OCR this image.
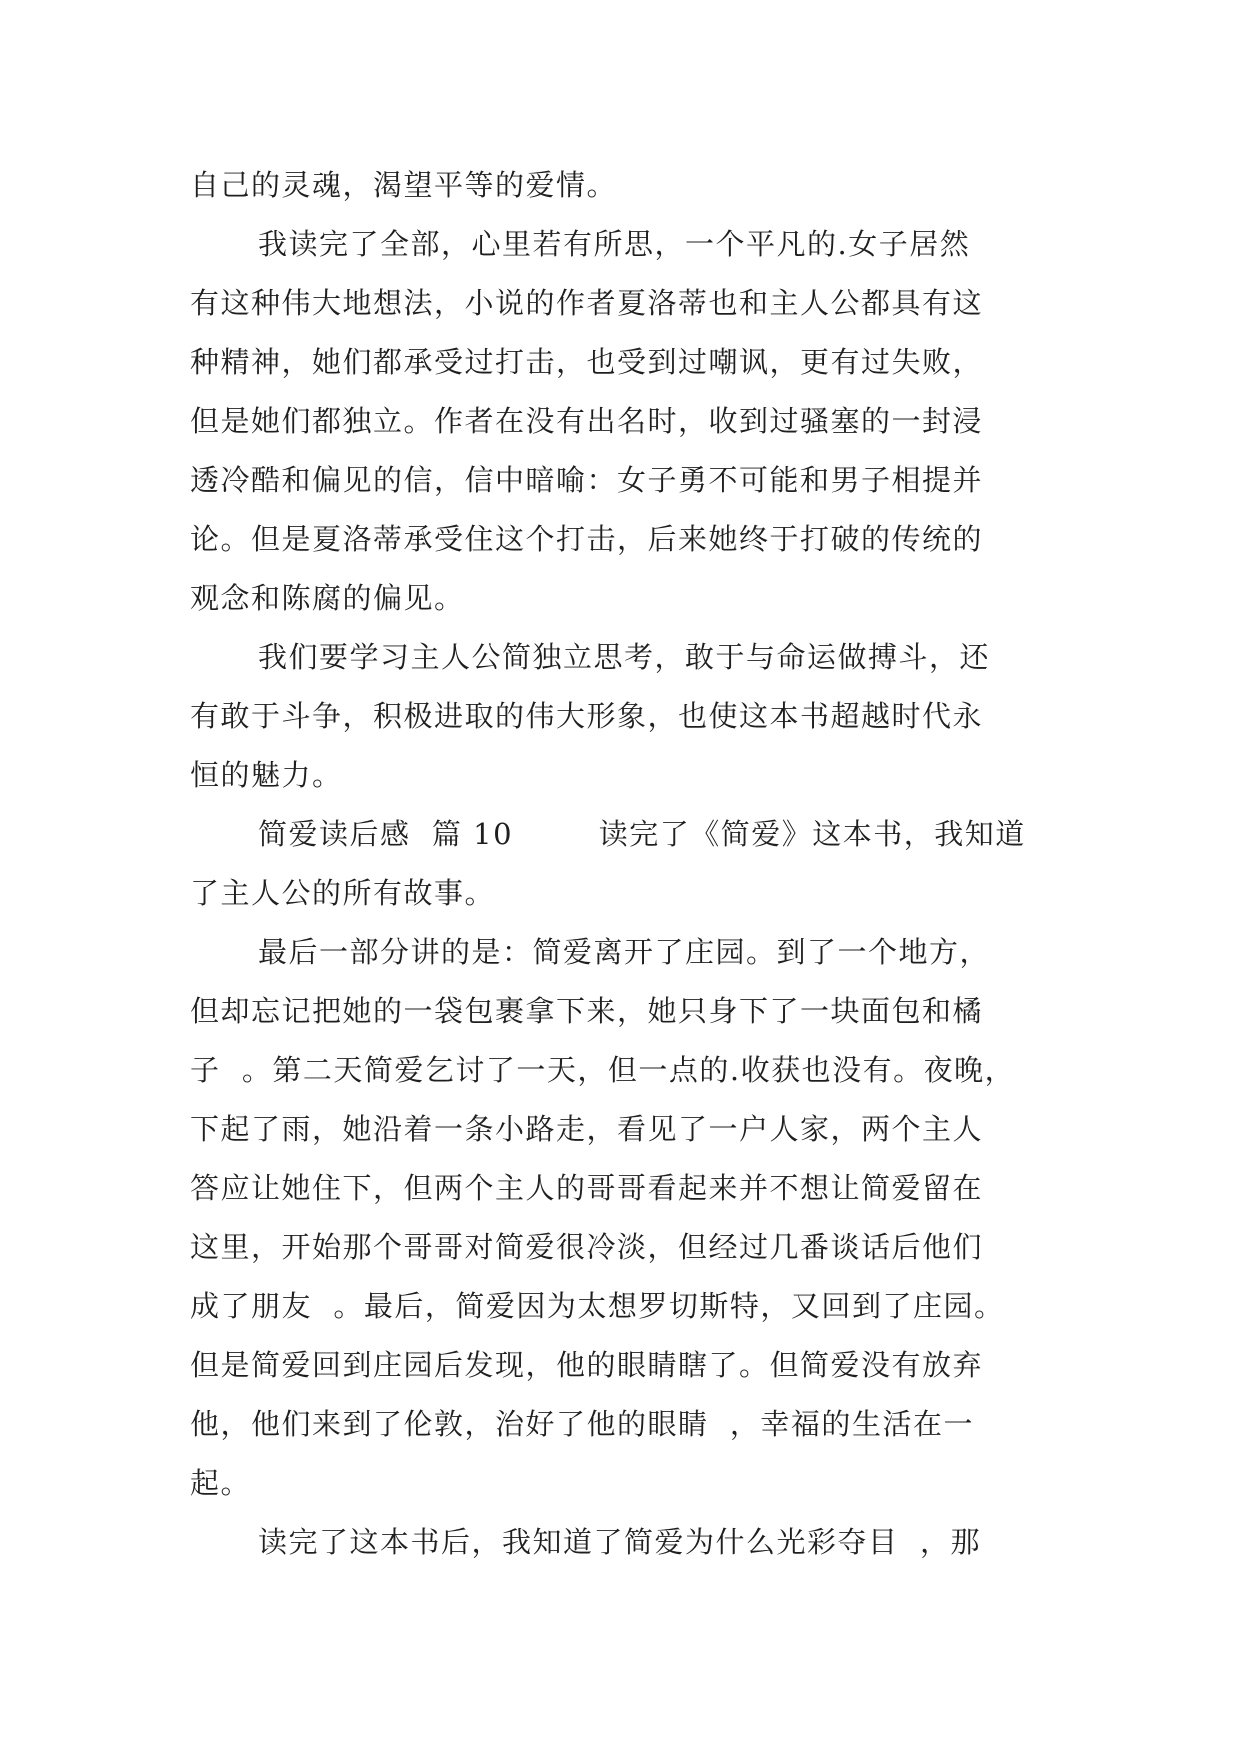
自己的灵魂，渴望平等的爱情。
我读完了全部，心里若有所思，一个平凡的.女子居然
有这种伟大地想法，小说的作者夏洛蒂也和主人公都具有这
种精神，她们都承受过打击，也受到过嘲讽，更有过失败，
但是她们都独立。作者在没有出名时，收到过骚塞的一封浸
透冷酷和偏见的信，信中暗喻：女子勇不可能和男子相提并
论。但是夏洛蒂承受住这个打击，后来她终于打破的传统的
观念和陈腐的偏见。
我们要学习主人公简独立思考，敢于与命运做搏斗，还
有敢于斗争，积极进取的伟大形象，也使这本书超越时代永
恒的魅力。
简爱读后感  篇 10        读完了《简爱》这本书，我知道
了主人公的所有故事。
最后一部分讲的是：简爱离开了庄园。到了一个地方，
但却忘记把她的一袋包裹拿下来，她只身下了一块面包和橘
子  。第二天简爱乞讨了一天，但一点的.收获也没有。夜晚，
下起了雨，她沿着一条小路走，看见了一户人家，两个主人
答应让她住下，但两个主人的哥哥看起来并不想让简爱留在
这里，开始那个哥哥对简爱很冷淡，但经过几番谈话后他们
成了朋友  。最后，简爱因为太想罗切斯特，又回到了庄园。
但是简爱回到庄园后发现，他的眼睛瞎了。但简爱没有放弃
他，他们来到了伦敦，治好了他的眼睛  ，幸福的生活在一
起。
读完了这本书后，我知道了简爱为什么光彩夺目  ，那
